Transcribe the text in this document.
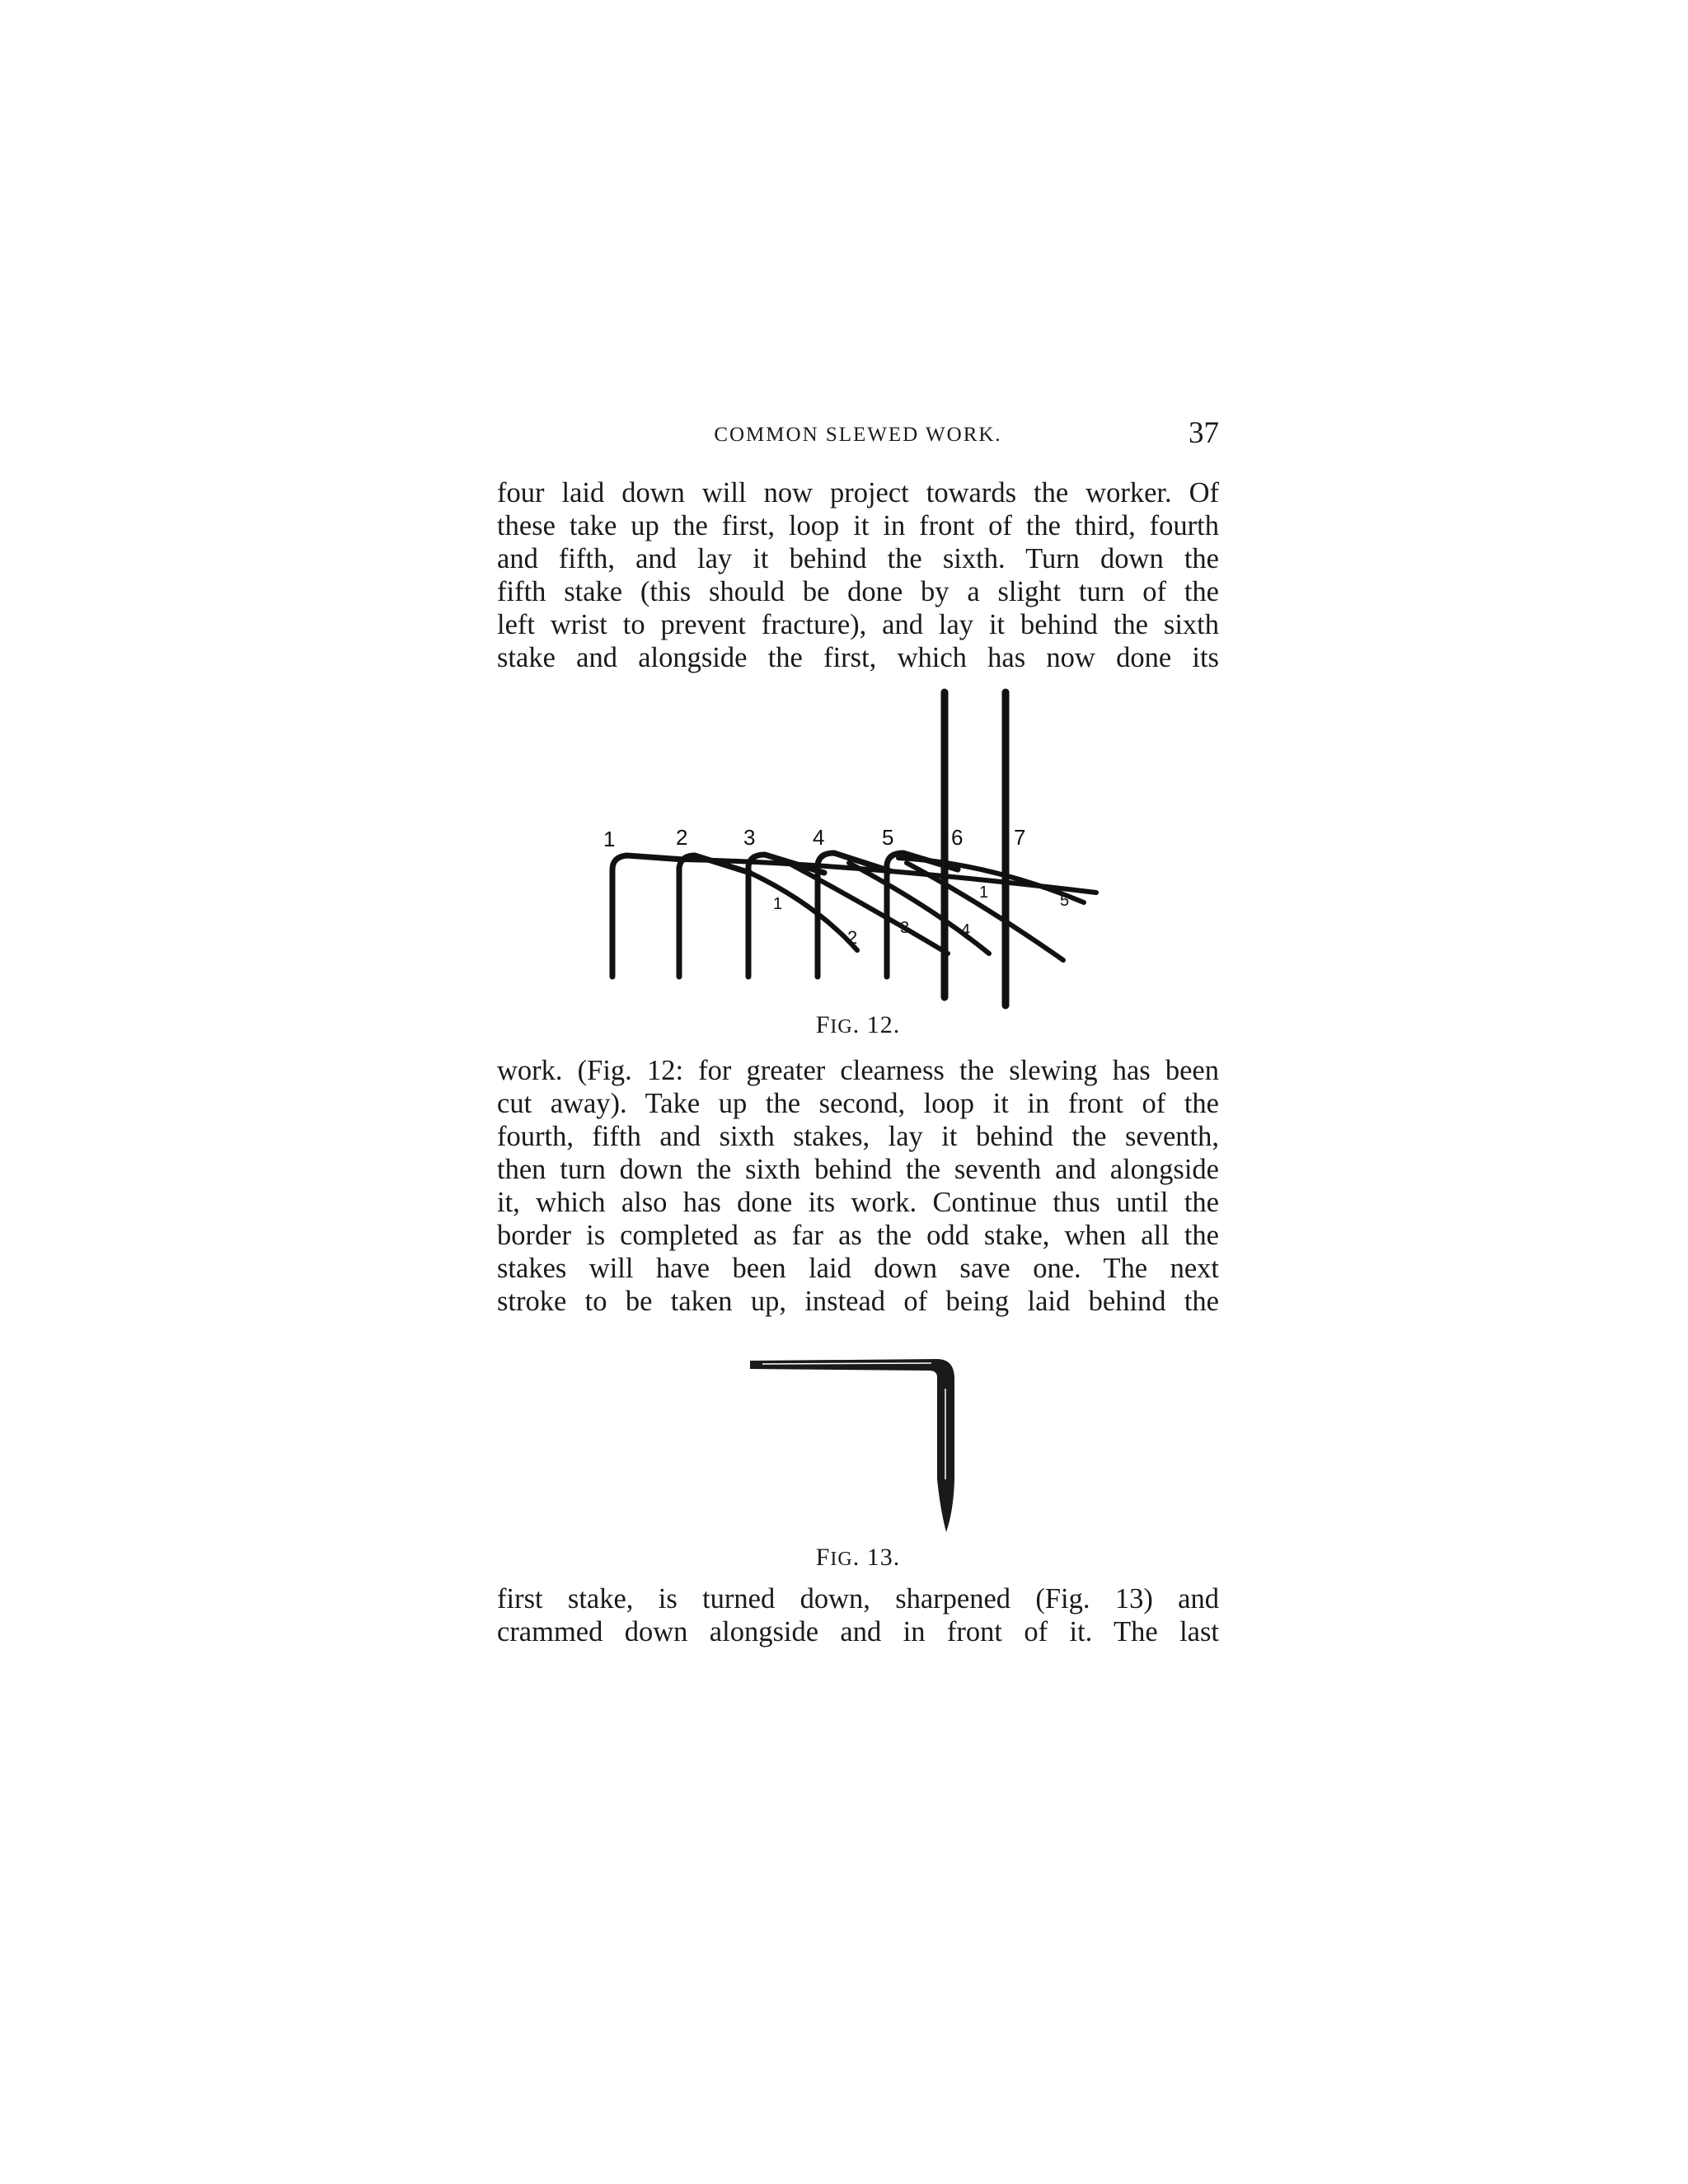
COMMON SLEWED WORK.	37

four laid down will now project towards the worker. Of
these take up the first, loop it in front of the third, fourth
and fifth, and lay it behind the sixth. Turn down the
fifth stake (this should be done by a slight turn of the
left wrist to prevent fracture), and lay it behind the sixth
stake and alongside the first, which has now done its

1	2	3	4	5	6 7
1
2	3	4
1	5
FIG. 12.

work. (Fig. 12: for greater clearness the slewing has been
cut away). Take up the second, loop it in front of the
fourth, fifth and sixth stakes, lay it behind the seventh,
then turn down the sixth behind the seventh and alongside
it, which also has done its work. Continue thus until the
border is completed as far as the odd stake, when all the
stakes will have been laid down save one. The next
stroke to be taken up, instead of being laid behind the

FIG. 13.

first stake, is turned down, sharpened (Fig. 13) and
crammed down alongside and in front of it. The last
